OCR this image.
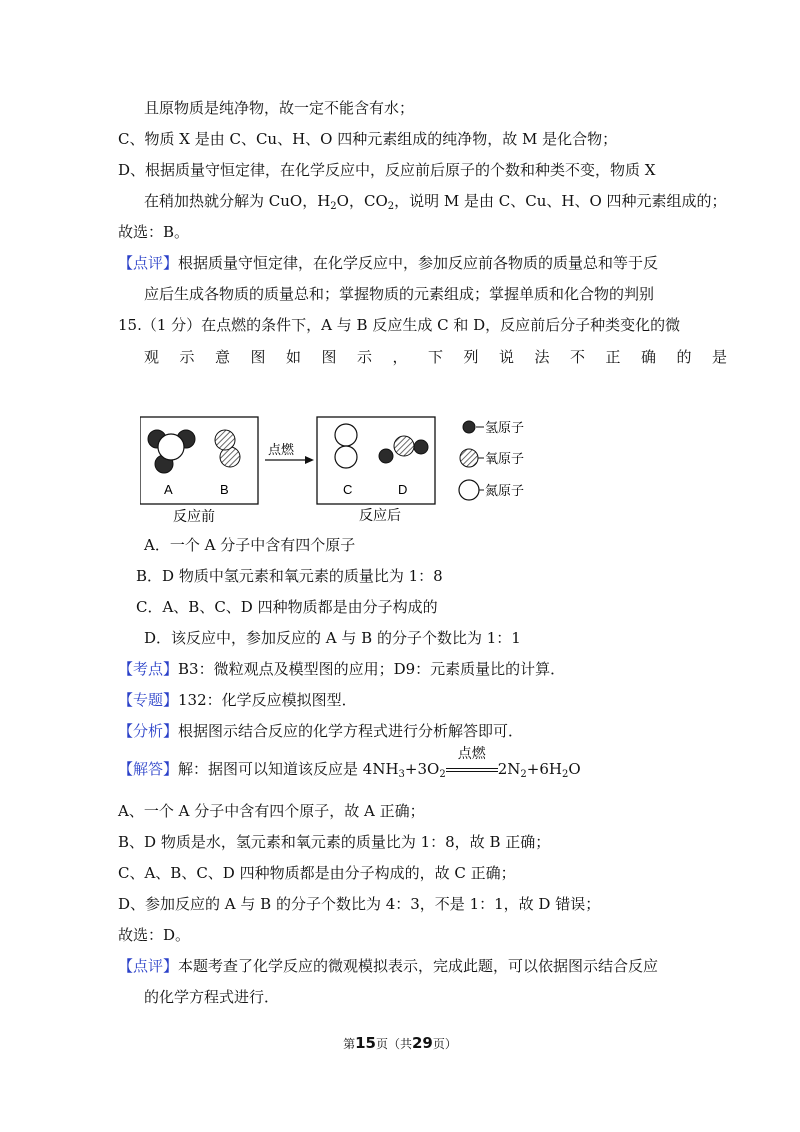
且原物质是纯净物，故一定不能含有水；
C、物质 X 是由 C、Cu、H、O 四种元素组成的纯净物，故 M 是化合物；
D、根据质量守恒定律，在化学反应中，反应前后原子的个数和种类不变，物质 X
在稍加热就分解为 CuO，$H_2O$，$CO_2$，说明 M 是由 C、Cu、H、O 四种元素组成的；
故选：B。
【点评】根据质量守恒定律，在化学反应中，参加反应前各物质的质量总和等于反
应后生成各物质的质量总和；掌握物质的元素组成；掌握单质和化合物的判别
15.（1 分）在点燃的条件下，A 与 B 反应生成 C 和 D，反应前后分子种类变化的微
观示意图如图示，下列说法不正确的是
A	B
反应前
点燃
C	D
反应后
氢原子
氧原子
氮原子
A．一个 A 分子中含有四个原子
B．D 物质中氢元素和氧元素的质量比为 1：8
C．A、B、C、D 四种物质都是由分子构成的
D．该反应中，参加反应的 A 与 B 的分子个数比为 1：1
【考点】B3：微粒观点及模型图的应用；D9：元素质量比的计算．
【专题】132：化学反应模拟图型．
【分析】根据图示结合反应的化学方程式进行分析解答即可．
【解答】解：据图可以知道该反应是 $4NH_3+3O_2$
点燃
$2N_2+6H_2O$
A、一个 A 分子中含有四个原子，故 A 正确；
B、D 物质是水，氢元素和氧元素的质量比为 1：8，故 B 正确；
C、A、B、C、D 四种物质都是由分子构成的，故 C 正确；
D、参加反应的 A 与 B 的分子个数比为 4：3，不是 1：1，故 D 错误；
故选：D。
【点评】本题考查了化学反应的微观模拟表示，完成此题，可以依据图示结合反应
的化学方程式进行．
第15页（共29页）
